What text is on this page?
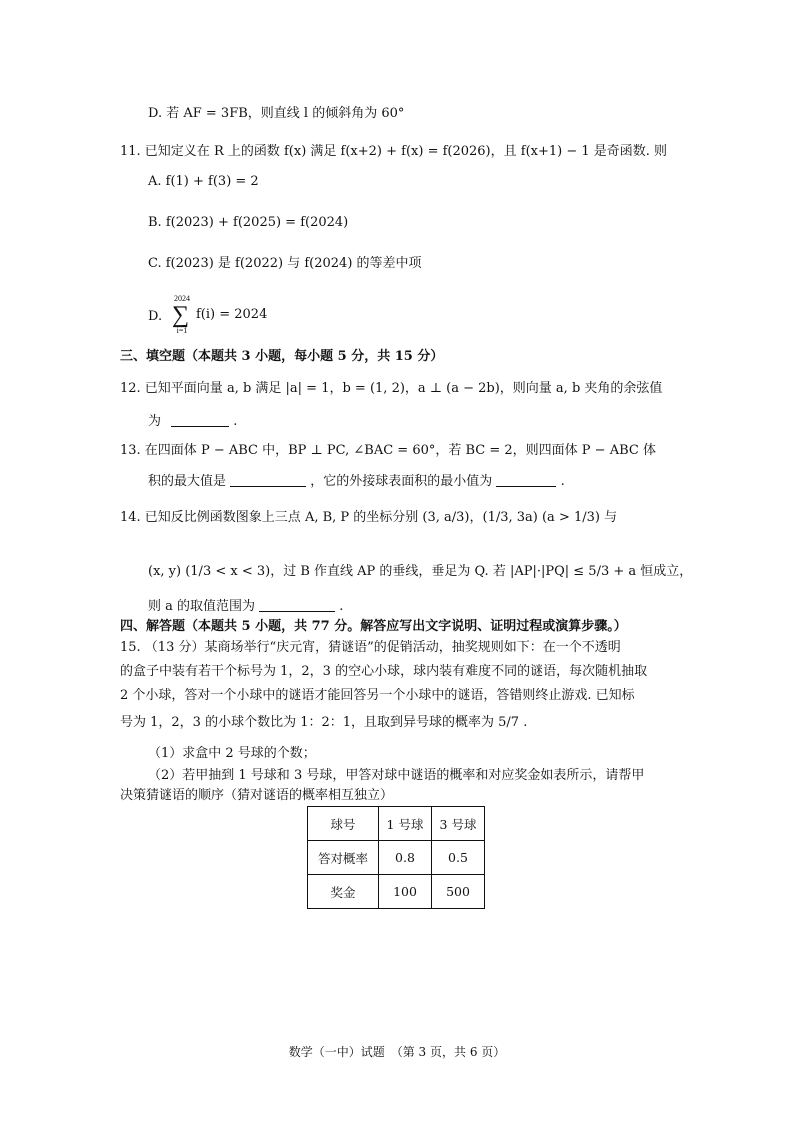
D. 若 AF = 3FB，则直线 l 的倾斜角为 60°
11. 已知定义在 R 上的函数 f(x) 满足 f(x+2) + f(x) = f(2026)，且 f(x+1) − 1 是奇函数. 则
A. f(1) + f(3) = 2
B. f(2023) + f(2025) = f(2024)
C. f(2023) 是 f(2022) 与 f(2024) 的等差中项
D.
2024
∑
i=1
f(i) = 2024
三、填空题（本题共 3 小题，每小题 5 分，共 15 分）
12. 已知平面向量 a, b 满足 |a| = 1，b = (1, 2)，a ⊥ (a − 2b)，则向量 a, b 夹角的余弦值
为	.
13. 在四面体 P − ABC 中，BP ⊥ PC, ∠BAC = 60°，若 BC = 2，则四面体 P − ABC 体
积的最大值是	，它的外接球表面积的最小值为	.
14. 已知反比例函数图象上三点 A, B, P 的坐标分别 (3, a/3)，(1/3, 3a) (a > 1/3) 与
(x, y) (1/3 < x < 3)，过 B 作直线 AP 的垂线，垂足为 Q. 若 |AP|·|PQ| ≤ 5/3 + a 恒成立，
则 a 的取值范围为	.
四、解答题（本题共 5 小题，共 77 分。解答应写出文字说明、证明过程或演算步骤。）
15. （13 分）某商场举行“庆元宵，猜谜语”的促销活动，抽奖规则如下：在一个不透明
的盒子中装有若干个标号为 1，2，3 的空心小球，球内装有难度不同的谜语，每次随机抽取
2 个小球，答对一个小球中的谜语才能回答另一个小球中的谜语，答错则终止游戏. 已知标
号为 1，2，3 的小球个数比为 1：2：1，且取到异号球的概率为 5/7 .
（1）求盒中 2 号球的个数；
（2）若甲抽到 1 号球和 3 号球，甲答对球中谜语的概率和对应奖金如表所示，请帮甲
决策猜谜语的顺序（猜对谜语的概率相互独立）
球号	1 号球	3 号球
答对概率	0.8	0.5
奖金	100	500
数学（一中）试题　（第 3 页，共 6 页）
